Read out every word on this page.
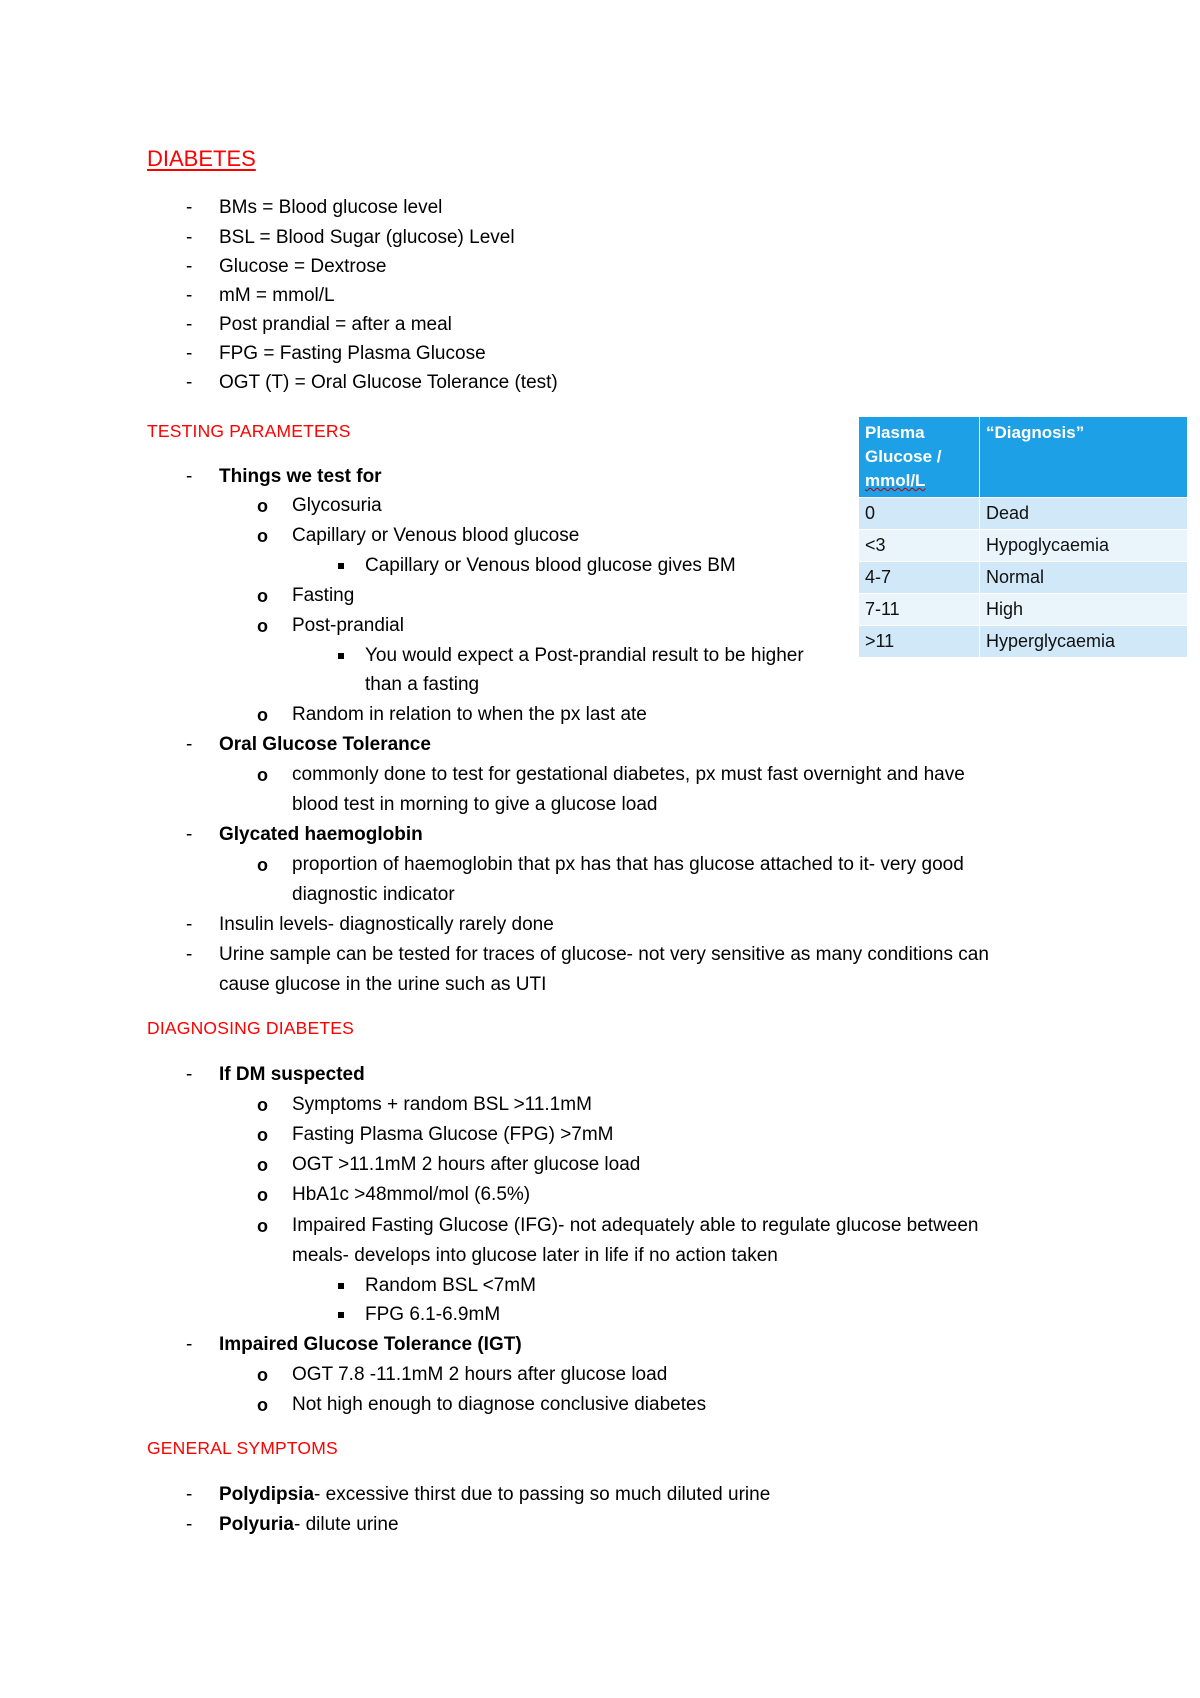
DIABETES
- BMs = Blood glucose level
- BSL = Blood Sugar (glucose) Level
- Glucose = Dextrose
- mM = mmol/L
- Post prandial = after a meal
- FPG = Fasting Plasma Glucose
- OGT (T) = Oral Glucose Tolerance (test)
TESTING PARAMETERS
- Things we test for
o Glycosuria
o Capillary or Venous blood glucose
Capillary or Venous blood glucose gives BM
o Fasting
o Post-prandial
You would expect a Post-prandial result to be higher
than a fasting
o Random in relation to when the px last ate
- Oral Glucose Tolerance
o commonly done to test for gestational diabetes, px must fast overnight and have
blood test in morning to give a glucose load
- Glycated haemoglobin
o proportion of haemoglobin that px has that has glucose attached to it- very good
diagnostic indicator
- Insulin levels- diagnostically rarely done
- Urine sample can be tested for traces of glucose- not very sensitive as many conditions can
cause glucose in the urine such as UTI
DIAGNOSING DIABETES
- If DM suspected
o Symptoms + random BSL >11.1mM
o Fasting Plasma Glucose (FPG) >7mM
o OGT >11.1mM 2 hours after glucose load
o HbA1c >48mmol/mol (6.5%)
o Impaired Fasting Glucose (IFG)- not adequately able to regulate glucose between
meals- develops into glucose later in life if no action taken
Random BSL <7mM
FPG 6.1-6.9mM
- Impaired Glucose Tolerance (IGT)
o OGT 7.8 -11.1mM 2 hours after glucose load
o Not high enough to diagnose conclusive diabetes
GENERAL SYMPTOMS
- Polydipsia- excessive thirst due to passing so much diluted urine
- Polyuria- dilute urine
Plasma
Glucose /
mmol/L	“Diagnosis”
0	Dead
<3	Hypoglycaemia
4-7	Normal
7-11	High
>11	Hyperglycaemia
